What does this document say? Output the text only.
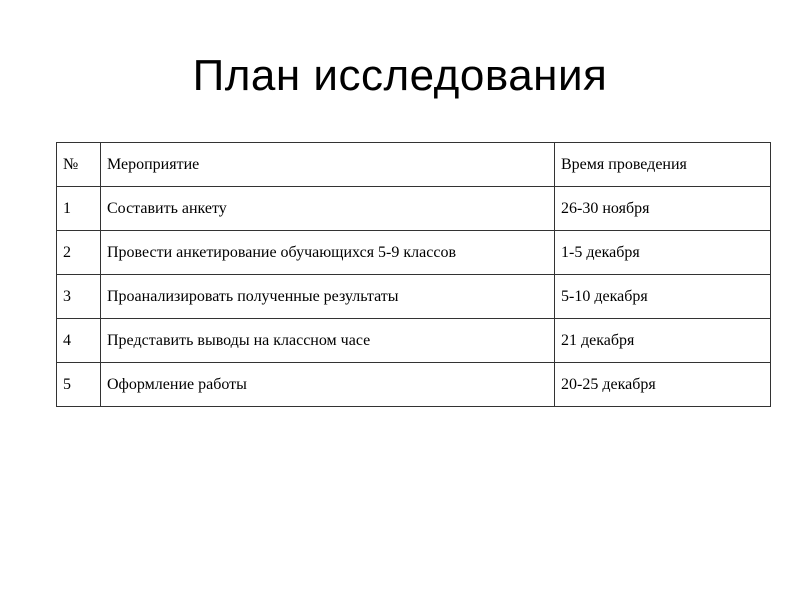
План исследования
№	Мероприятие	Время проведения
1	Составить анкету	26-30 ноября
2	Провести анкетирование обучающихся 5-9 классов	1-5 декабря
3	Проанализировать полученные результаты	5-10 декабря
4	Представить выводы на классном часе	21 декабря
5	Оформление работы	20-25 декабря
